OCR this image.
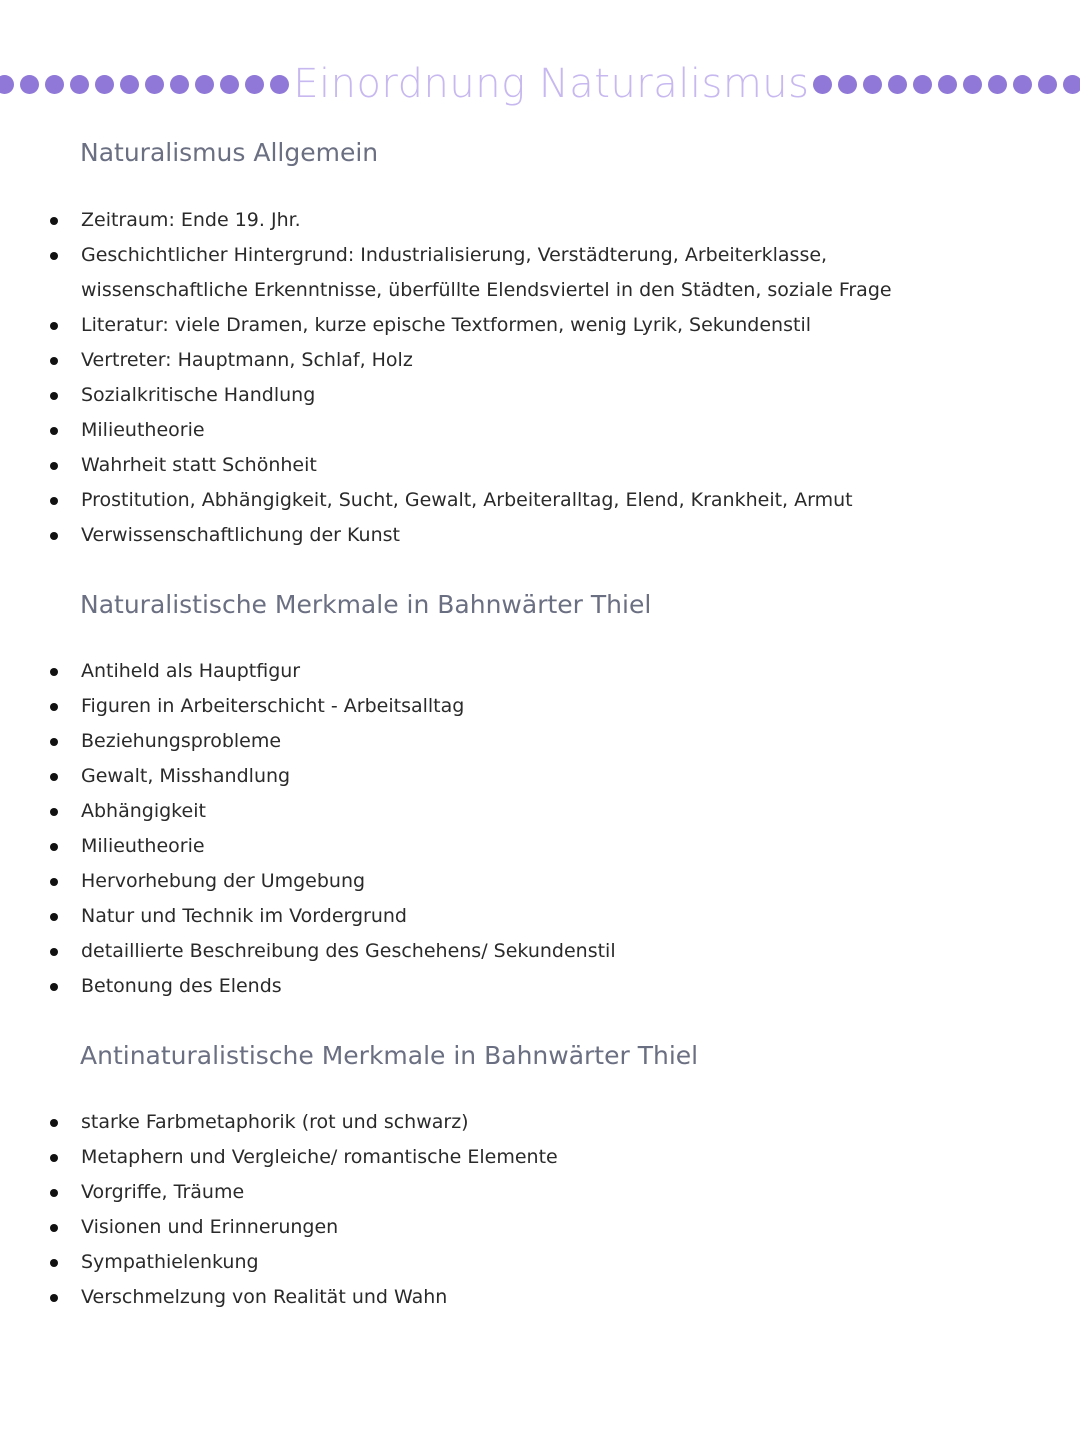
Einordnung Naturalismus
Naturalismus Allgemein
Zeitraum: Ende 19. Jhr.
Geschichtlicher Hintergrund: Industrialisierung, Verstädterung, Arbeiterklasse, wissenschaftliche Erkenntnisse, überfüllte Elendsviertel in den Städten, soziale Frage
Literatur: viele Dramen, kurze epische Textformen, wenig Lyrik, Sekundenstil
Vertreter: Hauptmann, Schlaf, Holz
Sozialkritische Handlung
Milieutheorie
Wahrheit statt Schönheit
Prostitution, Abhängigkeit, Sucht, Gewalt, Arbeiteralltag, Elend, Krankheit, Armut
Verwissenschaftlichung der Kunst
Naturalistische Merkmale in Bahnwärter Thiel
Antiheld als Hauptfigur
Figuren in Arbeiterschicht - Arbeitsalltag
Beziehungsprobleme
Gewalt, Misshandlung
Abhängigkeit
Milieutheorie
Hervorhebung der Umgebung
Natur und Technik im Vordergrund
detaillierte Beschreibung des Geschehens/ Sekundenstil
Betonung des Elends
Antinaturalistische Merkmale in Bahnwärter Thiel
starke Farbmetaphorik (rot und schwarz)
Metaphern und Vergleiche/ romantische Elemente
Vorgriffe, Träume
Visionen und Erinnerungen
Sympathielenkung
Verschmelzung von Realität und Wahn
